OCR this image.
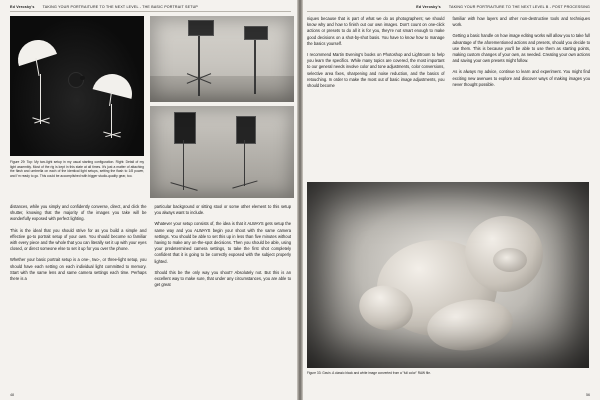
Ed Verosky's TAKING YOUR PORTRAITURE TO THE NEXT LEVEL - THE BASIC PORTRAIT SETUP
Figure 29: Top: My two-light setup in my usual starting configuration. Right: Detail of my light assembly. Most of the rig is kept in this state at all times. It's just a matter of attaching the flash and umbrella on each of the identical light setups, setting the flash to 1/8 power, and I'm ready to go. This could be accomplished with bigger studio-quality gear, too.

distances, while you simply and confidently converse, direct, and click the shutter, knowing that the majority of the images you take will be wonderfully exposed with perfect lighting.

This is the ideal that you should strive for as you build a simple and effective go-to portrait setup of your own. You should become so familiar with every piece and the whole that you can literally set it up with your eyes closed, or direct someone else to set it up for you over the phone.

Whether your basic portrait setup is a one-, two-, or three-light setup, you should have each setting on each individual light committed to memory. Start with the same lens and same camera settings each time. Perhaps there is a

particular background or sitting stool or some other element to this setup you always want to include.

Whatever your setup consists of, the idea is that it ALWAYS gets setup the same way and you ALWAYS begin your shoot with the same camera settings. You should be able to set this up in less than five minutes without having to make any on-the-spot decisions. Then you should be able, using your predetermined camera settings, to take the first shot completely confident that it is going to be correctly exposed with the subject properly lighted.

Should this be the only way you shoot? Absolutely not. But this is an excellent way to make sure, that under any circumstances, you are able to get great

48
Ed Verosky's TAKING YOUR PORTRAITURE TO THE NEXT LEVEL B - POST PROCESSING

niques because that is part of what we do as photographers; we should know why and how to finish out our own images. Don't count on one-click actions or presets to do all it is for you, they're not smart enough to make good decisions on a shot-by-shot basis. You have to know how to manage the basics yourself.

I recommend Martin Evening's books on Photoshop and Lightroom to help you learn the specifics. While many topics are covered, the most important to our general needs involve color and tone adjustments, color conversions, selective area fixes, sharpening and noise reduction, and the basics of retouching. In order to make the most out of basic image adjustments, you should become

familiar with how layers and other non-destructive tools and techniques work.

Getting a basic handle on how image editing works will allow you to take full advantage of the aforementioned actions and presets, should you decide to use them. This is because you'll be able to use them as starting points, making custom changes of your own, as needed. Creating your own actions and saving your own presets might follow.

As is always my advice, continue to learn and experiment. You might find exciting new avenues to explore and discover ways of making images you never thought possible.

Figure 33: Gavin. A classic black and white image converted from a "full color" RAW file.
56
